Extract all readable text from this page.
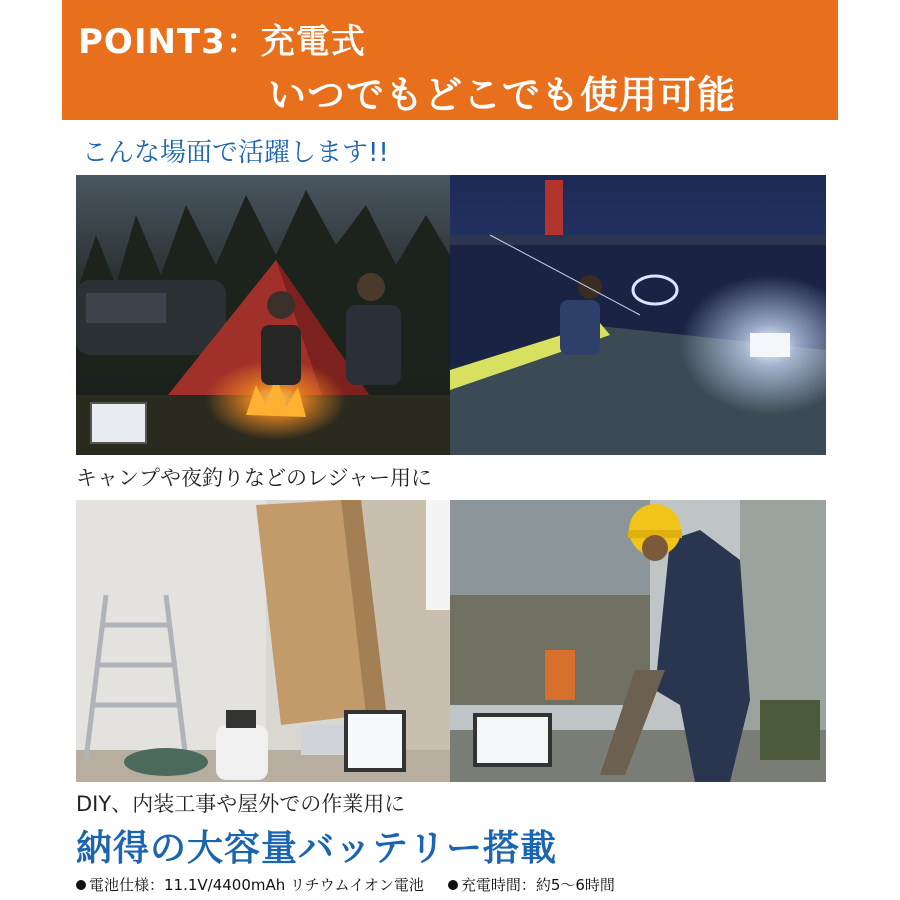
POINT3：充電式
いつでもどこでも使用可能
こんな場面で活躍します!!
キャンプや夜釣りなどのレジャー用に
DIY、内装工事や屋外での作業用に
納得の大容量バッテリー搭載
電池仕様：11.1V/4400mAh リチウムイオン電池 充電時間：約5～6時間
